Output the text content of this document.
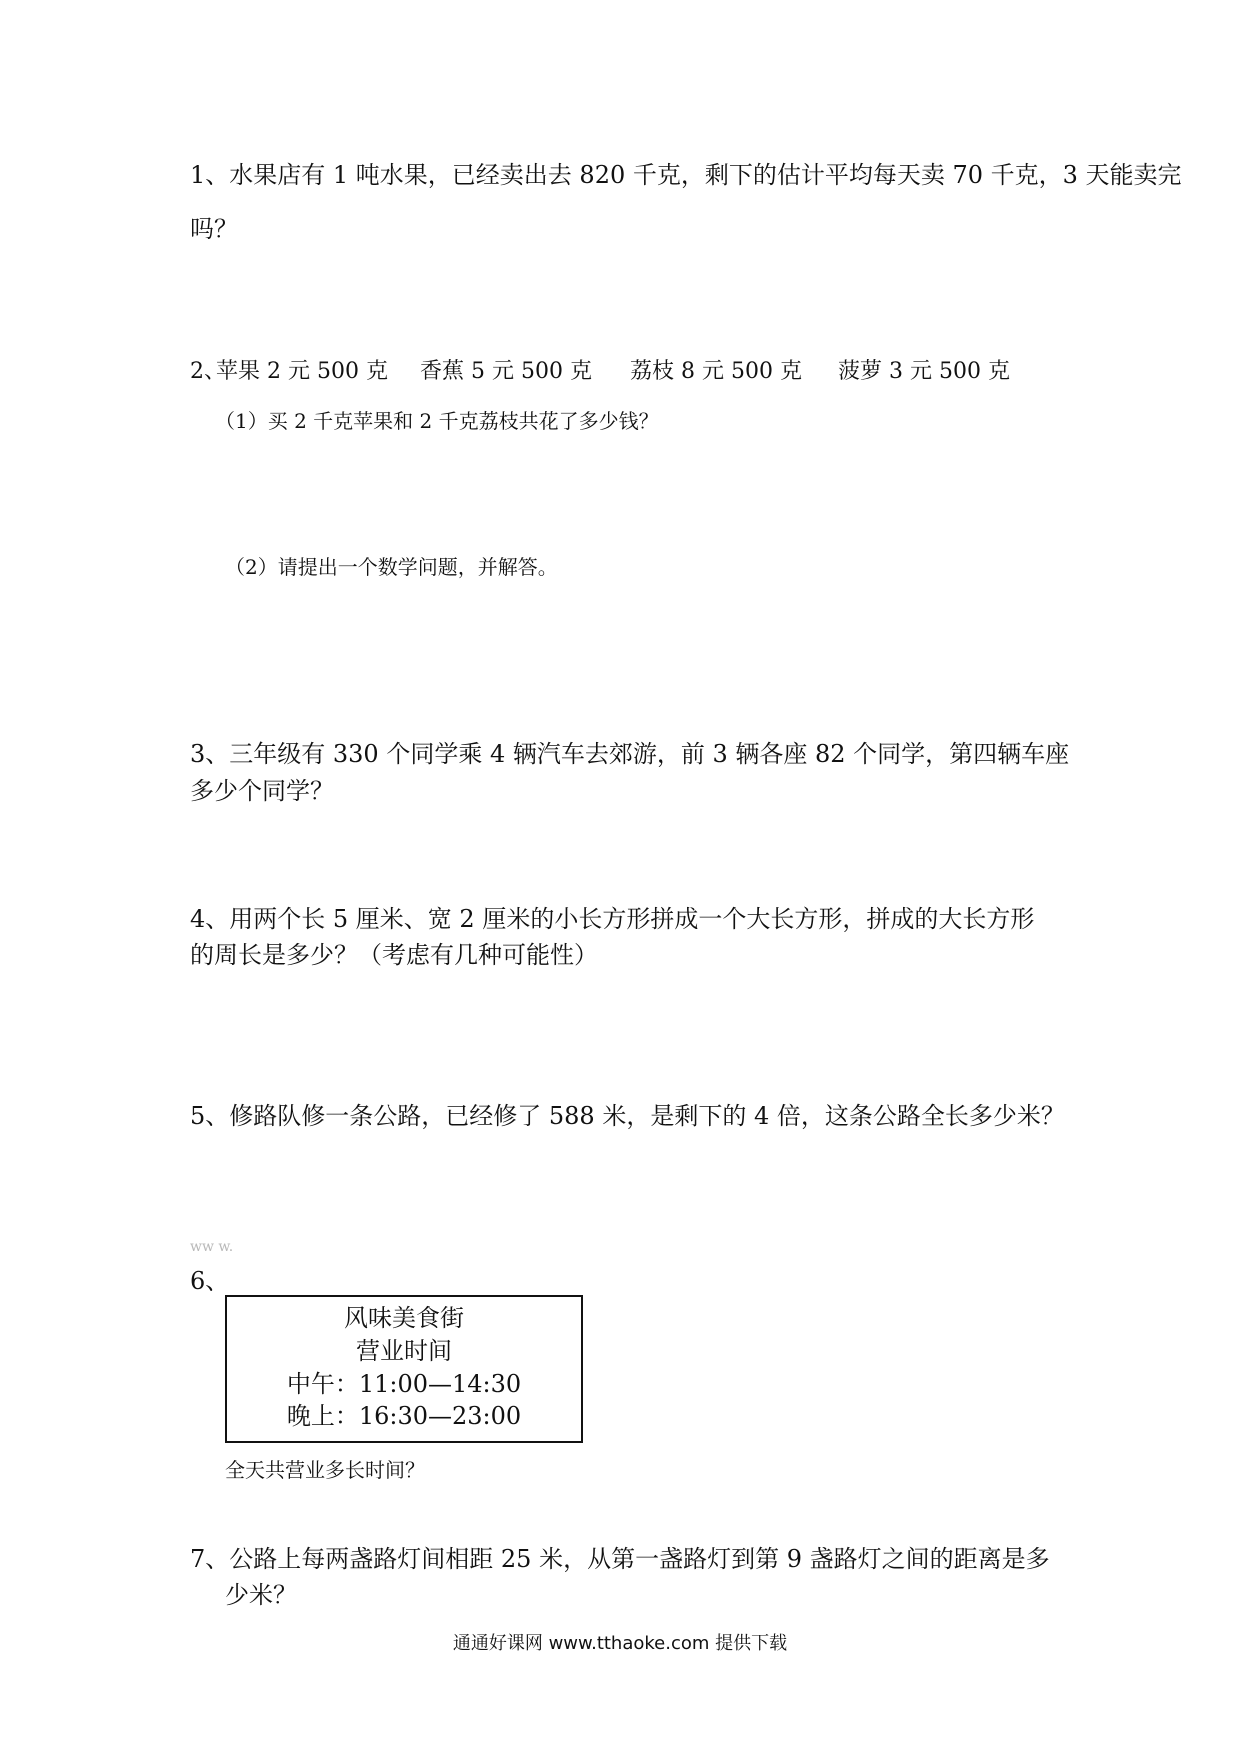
1、水果店有 1 吨水果，已经卖出去 820 千克，剩下的估计平均每天卖 70 千克，3 天能卖完
吗？
2、
苹果 2 元 500 克 香蕉 5 元 500 克 荔枝 8 元 500 克 菠萝 3 元 500 克
（1）买 2 千克苹果和 2 千克荔枝共花了多少钱？
（2）请提出一个数学问题，并解答。
3、三年级有 330 个同学乘 4 辆汽车去郊游，前 3 辆各座 82 个同学，第四辆车座
多少个同学？
4、用两个长 5 厘米、宽 2 厘米的小长方形拼成一个大长方形，拼成的大长方形
的周长是多少？（考虑有几种可能性）
5、修路队修一条公路，已经修了 588 米，是剩下的 4 倍，这条公路全长多少米？
ww w.
6、
风味美食街
营业时间
中午：11:00—14:30
晚上：16:30—23:00
全天共营业多长时间？
7、公路上每两盏路灯间相距 25 米，从第一盏路灯到第 9 盏路灯之间的距离是多
少米？
通通好课网 www.tthaoke.com 提供下载
